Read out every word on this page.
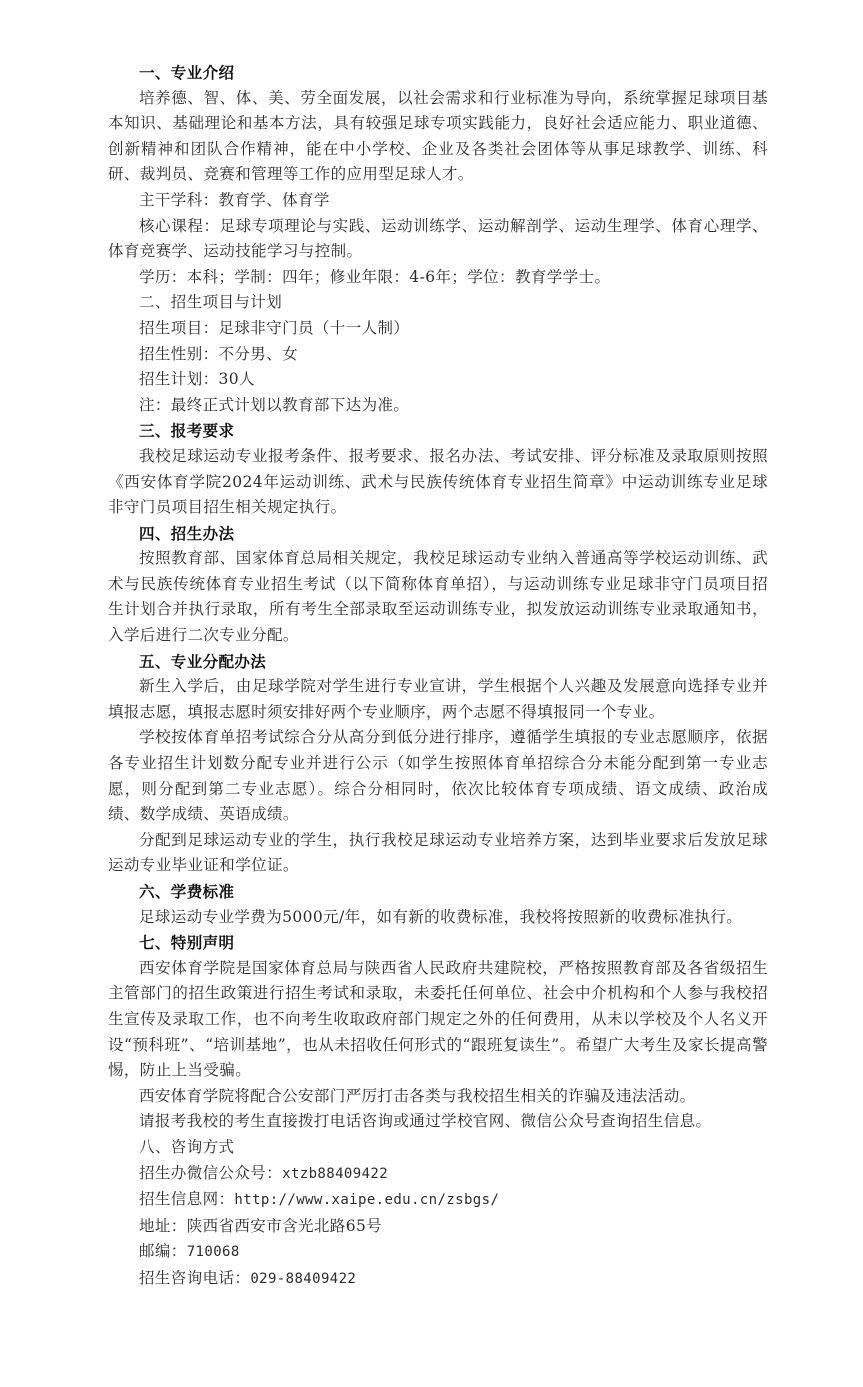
一、专业介绍

培养德、智、体、美、劳全面发展，以社会需求和行业标准为导向，系统掌握足球项目基本知识、基础理论和基本方法，具有较强足球专项实践能力，良好社会适应能力、职业道德、创新精神和团队合作精神，能在中小学校、企业及各类社会团体等从事足球教学、训练、科研、裁判员、竞赛和管理等工作的应用型足球人才。

主干学科：教育学、体育学

核心课程：足球专项理论与实践、运动训练学、运动解剖学、运动生理学、体育心理学、体育竞赛学、运动技能学习与控制。

学历：本科；学制：四年；修业年限：4-6年；学位：教育学学士。

二、招生项目与计划

招生项目：足球非守门员（十一人制）

招生性别：不分男、女

招生计划：30人

注：最终正式计划以教育部下达为准。

三、报考要求

我校足球运动专业报考条件、报考要求、报名办法、考试安排、评分标准及录取原则按照《西安体育学院2024年运动训练、武术与民族传统体育专业招生简章》中运动训练专业足球非守门员项目招生相关规定执行。

四、招生办法

按照教育部、国家体育总局相关规定，我校足球运动专业纳入普通高等学校运动训练、武术与民族传统体育专业招生考试（以下简称体育单招），与运动训练专业足球非守门员项目招生计划合并执行录取，所有考生全部录取至运动训练专业，拟发放运动训练专业录取通知书，入学后进行二次专业分配。

五、专业分配办法

新生入学后，由足球学院对学生进行专业宣讲，学生根据个人兴趣及发展意向选择专业并填报志愿，填报志愿时须安排好两个专业顺序，两个志愿不得填报同一个专业。

学校按体育单招考试综合分从高分到低分进行排序，遵循学生填报的专业志愿顺序，依据各专业招生计划数分配专业并进行公示（如学生按照体育单招综合分未能分配到第一专业志愿，则分配到第二专业志愿）。综合分相同时，依次比较体育专项成绩、语文成绩、政治成绩、数学成绩、英语成绩。

分配到足球运动专业的学生，执行我校足球运动专业培养方案，达到毕业要求后发放足球运动专业毕业证和学位证。

六、学费标准

足球运动专业学费为5000元/年，如有新的收费标准，我校将按照新的收费标准执行。

七、特别声明

西安体育学院是国家体育总局与陕西省人民政府共建院校，严格按照教育部及各省级招生主管部门的招生政策进行招生考试和录取，未委托任何单位、社会中介机构和个人参与我校招生宣传及录取工作，也不向考生收取政府部门规定之外的任何费用，从未以学校及个人名义开设“预科班”、“培训基地”，也从未招收任何形式的“跟班复读生”。希望广大考生及家长提高警惕，防止上当受骗。

西安体育学院将配合公安部门严厉打击各类与我校招生相关的诈骗及违法活动。

请报考我校的考生直接拨打电话咨询或通过学校官网、微信公众号查询招生信息。

八、咨询方式

招生办微信公众号：xtzb88409422

招生信息网：http://www.xaipe.edu.cn/zsbgs/

地址：陕西省西安市含光北路65号

邮编：710068

招生咨询电话：029-88409422
